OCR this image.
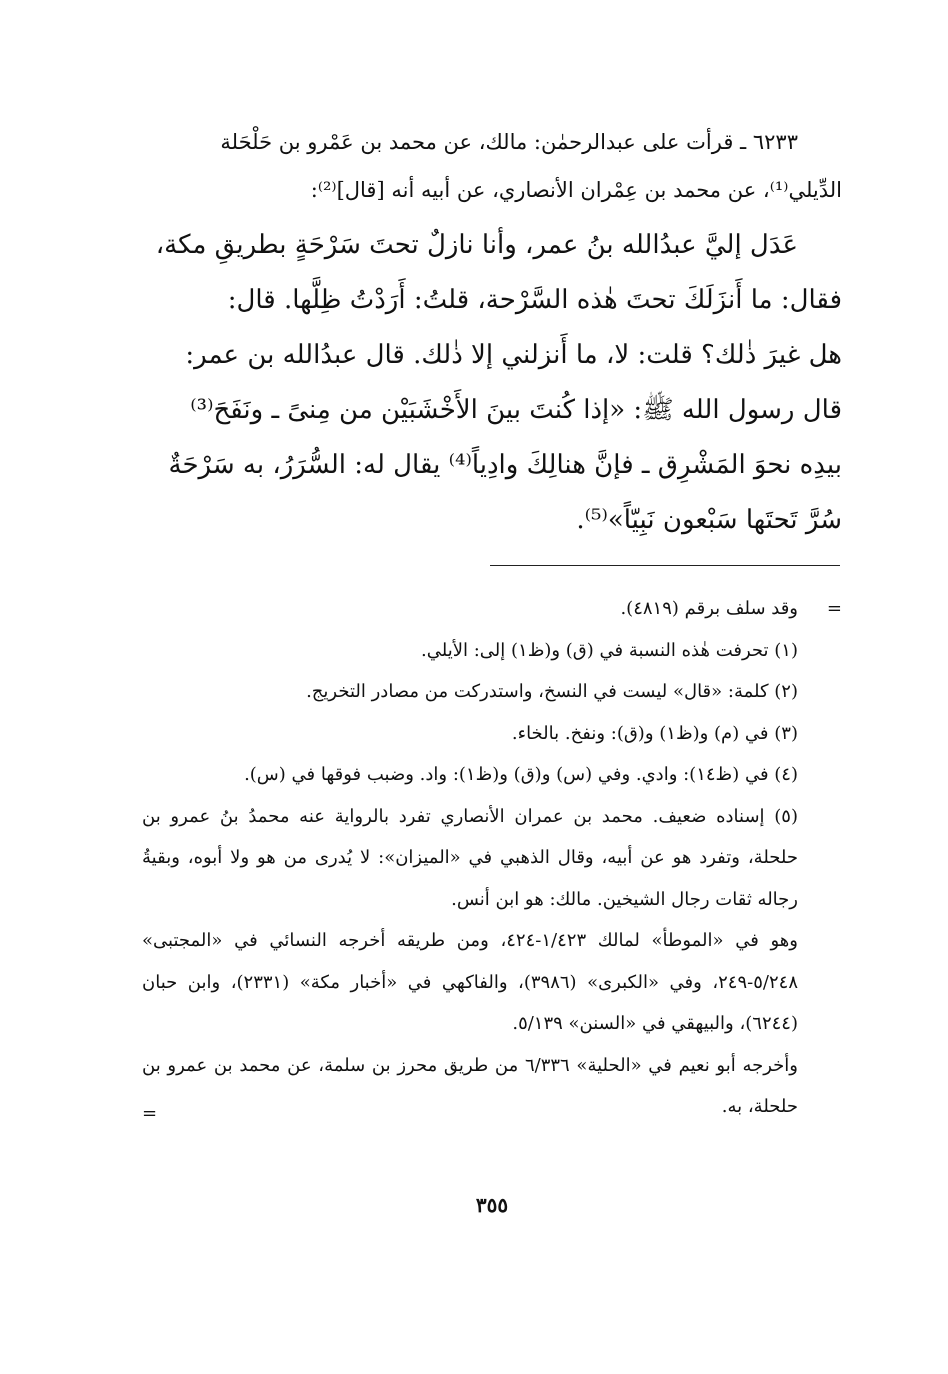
٦٢٣٣ ـ قرأت على عبدالرحمٰن: مالك، عن محمد بن عَمْرو بن حَلْحَلة

الدِّيلي⁽¹⁾، عن محمد بن عِمْران الأنصاري، عن أبيه أنه [قال]⁽²⁾:

عَدَل إليَّ عبدُالله بنُ عمر، وأنا نازلٌ تحتَ سَرْحَةٍ بطريقِ مكة،

فقال: ما أَنزَلَكَ تحتَ هٰذه السَّرْحة، قلتُ: أَرَدْتُ ظِلَّها. قال:

هل غيرَ ذٰلك؟ قلت: لا، ما أَنزلني إلا ذٰلك. قال عبدُالله بن عمر:

قال رسول الله ﷺ: «إذا كُنتَ بينَ الأَخْشَبَيْن من مِنىً ـ ونَفَحَ⁽³⁾

بيدِه نحوَ المَشْرِق ـ فإنَّ هنالِكَ وادِياً⁽⁴⁾ يقال له: السُّرَرُ، به سَرْحَةٌ

سُرَّ تَحتَها سَبْعون نَبِيّاً»⁽⁵⁾.

=
وقد سلف برقم (٤٨١٩).

(١) تحرفت هٰذه النسبة في (ق) و(ظ١) إلى: الأيلي.

(٢) كلمة: «قال» ليست في النسخ، واستدركت من مصادر التخريج.

(٣) في (م) و(ظ١) و(ق): ونفخ. بالخاء.

(٤) في (ظ١٤): وادي. وفي (س) و(ق) و(ظ١): واد. وضبب فوقها في (س).

(٥) إسناده ضعيف. محمد بن عمران الأنصاري تفرد بالرواية عنه محمدُ بنُ عمرو بن حلحلة، وتفرد هو عن أبيه، وقال الذهبي في «الميزان»: لا يُدرى من هو ولا أبوه، وبقيةُ رجاله ثقات رجال الشيخين. مالك: هو ابن أنس.

وهو في «الموطأ» لمالك ١/٤٢٣-٤٢٤، ومن طريقه أخرجه النسائي في «المجتبى» ٥/٢٤٨-٢٤٩، وفي «الكبرى» (٣٩٨٦)، والفاكهي في «أخبار مكة» (٢٣٣١)، وابن حبان (٦٢٤٤)، والبيهقي في «السنن» ٥/١٣٩.

وأخرجه أبو نعيم في «الحلية» ٦/٣٣٦ من طريق محرز بن سلمة، عن محمد بن عمرو بن حلحلة، به.
=

٣٥٥
